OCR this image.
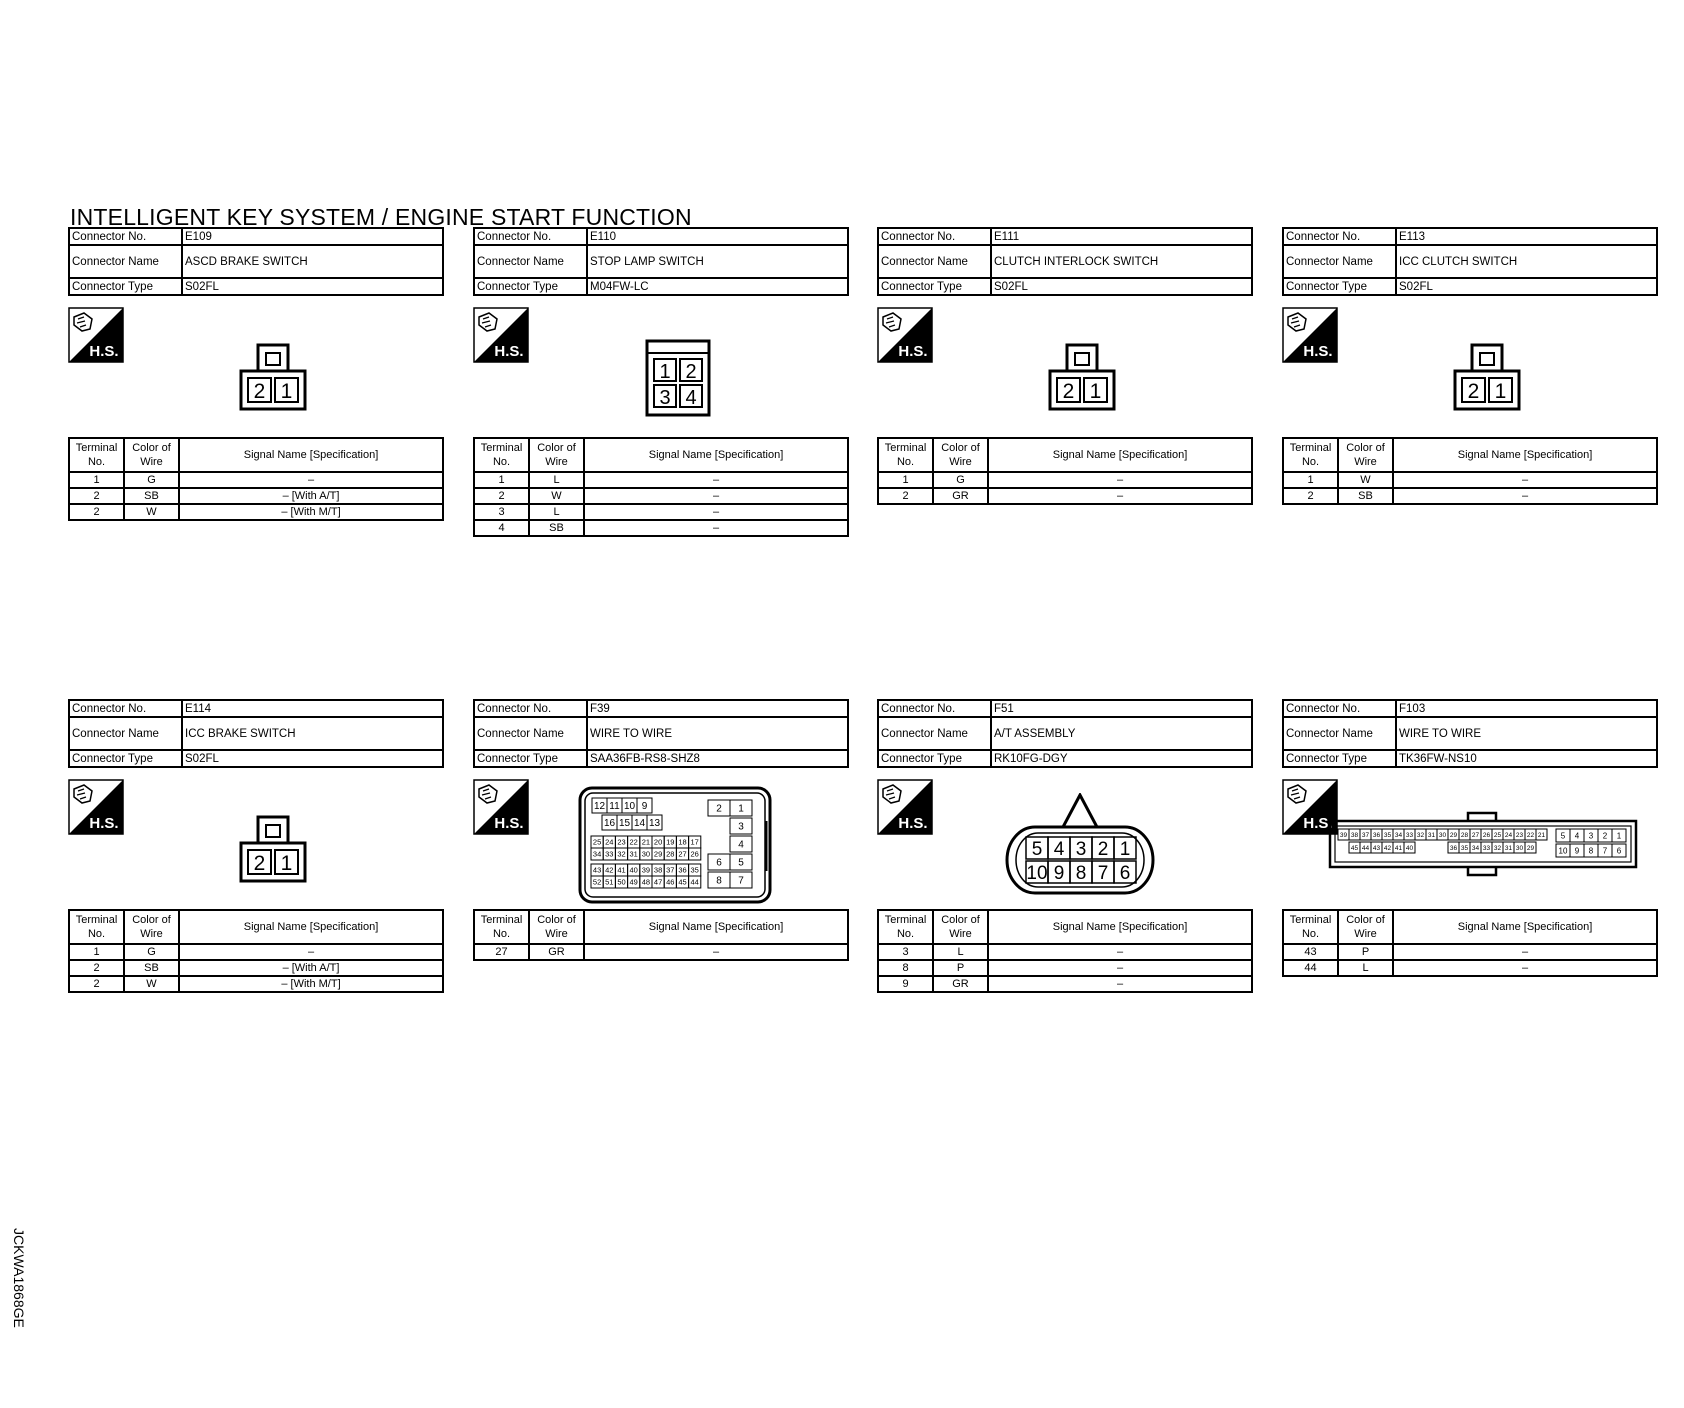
INTELLIGENT KEY SYSTEM / ENGINE START FUNCTION
Connector No.	E109
Connector Name	ASCD BRAKE SWITCH
Connector Type	S02FL
H.S.
2 1
Terminal No.	Color of Wire	Signal Name [Specification]
1	G	–
2	SB	– [With A/T]
2	W	– [With M/T]
Connector No.	E110
Connector Name	STOP LAMP SWITCH
Connector Type	M04FW-LC
H.S.
1 2
3 4
Terminal No.	Color of Wire	Signal Name [Specification]
1	L	–
2	W	–
3	L	–
4	SB	–
Connector No.	E111
Connector Name	CLUTCH INTERLOCK SWITCH
Connector Type	S02FL
H.S.
2 1
Terminal No.	Color of Wire	Signal Name [Specification]
1	G	–
2	GR	–
Connector No.	E113
Connector Name	ICC CLUTCH SWITCH
Connector Type	S02FL
H.S.
2 1
Terminal No.	Color of Wire	Signal Name [Specification]
1	W	–
2	SB	–
Connector No.	E114
Connector Name	ICC BRAKE SWITCH
Connector Type	S02FL
H.S.
2 1
Terminal No.	Color of Wire	Signal Name [Specification]
1	G	–
2	SB	– [With A/T]
2	W	– [With M/T]
Connector No.	F39
Connector Name	WIRE TO WIRE
Connector Type	SAA36FB-RS8-SHZ8
H.S.
12 11 10 9
16 15 14 13
25 24 23 22 21 20 19 18 17
34 33 32 31 30 29 28 27 26
43 42 41 40 39 38 37 36 35
52 51 50 49 48 47 46 45 44
2 1
3
4
6 5
8 7
Terminal No.	Color of Wire	Signal Name [Specification]
27	GR	–
Connector No.	F51
Connector Name	A/T ASSEMBLY
Connector Type	RK10FG-DGY
H.S.
5 4 3 2 1
10 9 8 7 6
Terminal No.	Color of Wire	Signal Name [Specification]
3	L	–
8	P	–
9	GR	–
Connector No.	F103
Connector Name	WIRE TO WIRE
Connector Type	TK36FW-NS10
H.S.
39 38 37 36 35 34 33 32 31 30 29 28 27 26 25 24 23 22 21
45 44 43 42 41 40	36 35 34 33 32 31 30 29
5 4 3 2 1
10 9 8 7 6
Terminal No.	Color of Wire	Signal Name [Specification]
43	P	–
44	L	–
JCKWA1868GE
